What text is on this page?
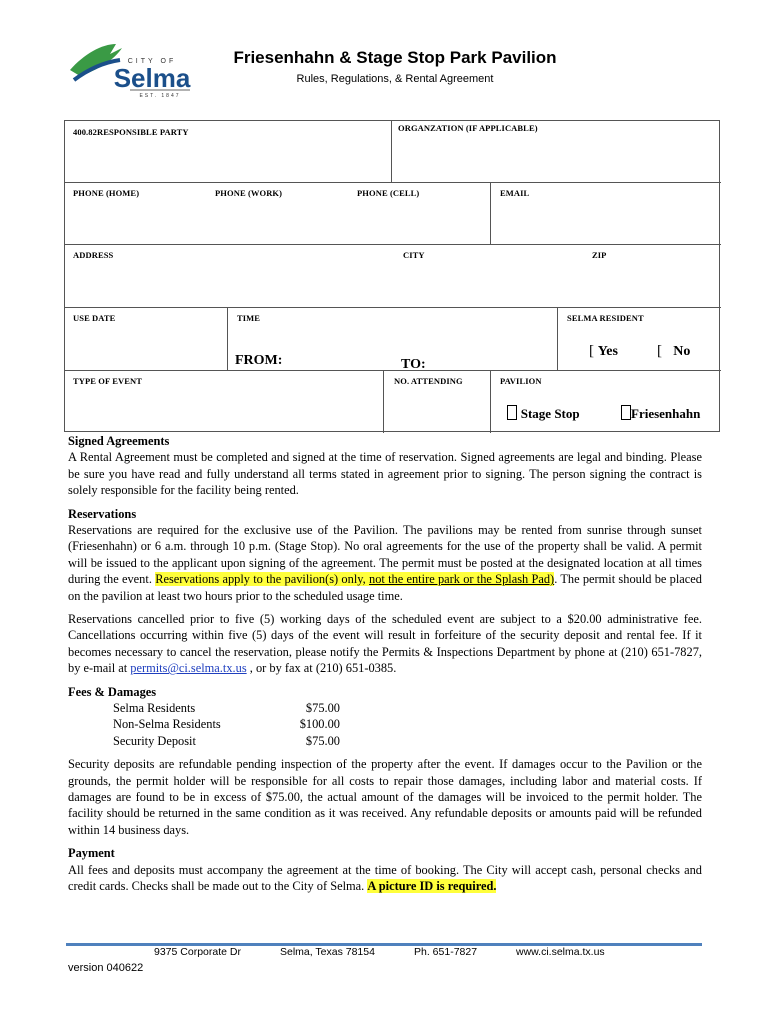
CITY OF
Selma
EST. 1847
Friesenhahn & Stage Stop Park Pavilion
Rules, Regulations, & Rental Agreement
400.82RESPONSIBLE PARTY	ORGANZATION (IF APPLICABLE)
PHONE (HOME)	PHONE (WORK)	PHONE (CELL)	EMAIL
ADDRESS	CITY	ZIP
USE DATE	TIME	SELMA RESIDENT
FROM:	TO:
[ Yes	[ No
TYPE OF EVENT	NO. ATTENDING	PAVILION
Stage Stop	Friesenhahn
Signed Agreements

A Rental Agreement must be completed and signed at the time of reservation. Signed agreements are legal and binding. Please be sure you have read and fully understand all terms stated in agreement prior to signing. The person signing the contract is solely responsible for the facility being rented.

Reservations

Reservations are required for the exclusive use of the Pavilion. The pavilions may be rented from sunrise through sunset (Friesenhahn) or 6 a.m. through 10 p.m. (Stage Stop). No oral agreements for the use of the property shall be valid. A permit will be issued to the applicant upon signing of the agreement. The permit must be posted at the designated location at all times during the event. Reservations apply to the pavilion(s) only, not the entire park or the Splash Pad). The permit should be placed on the pavilion at least two hours prior to the scheduled usage time.

Reservations cancelled prior to five (5) working days of the scheduled event are subject to a $20.00 administrative fee. Cancellations occurring within five (5) days of the event will result in forfeiture of the security deposit and rental fee. If it becomes necessary to cancel the reservation, please notify the Permits & Inspections Department by phone at (210) 651-7827, by e-mail at permits@ci.selma.tx.us , or by fax at (210) 651-0385.

Fees & Damages
Selma Residents	$75.00
Non-Selma Residents	$100.00
Security Deposit	$75.00

Security deposits are refundable pending inspection of the property after the event. If damages occur to the Pavilion or the grounds, the permit holder will be responsible for all costs to repair those damages, including labor and material costs. If damages are found to be in excess of $75.00, the actual amount of the damages will be invoiced to the permit holder. The facility should be returned in the same condition as it was received. Any refundable deposits or amounts paid will be refunded within 14 business days.

Payment

All fees and deposits must accompany the agreement at the time of booking. The City will accept cash, personal checks and credit cards. Checks shall be made out to the City of Selma. A picture ID is required.

9375 Corporate Dr	Selma, Texas 78154	Ph. 651-7827	www.ci.selma.tx.us
version 040622
